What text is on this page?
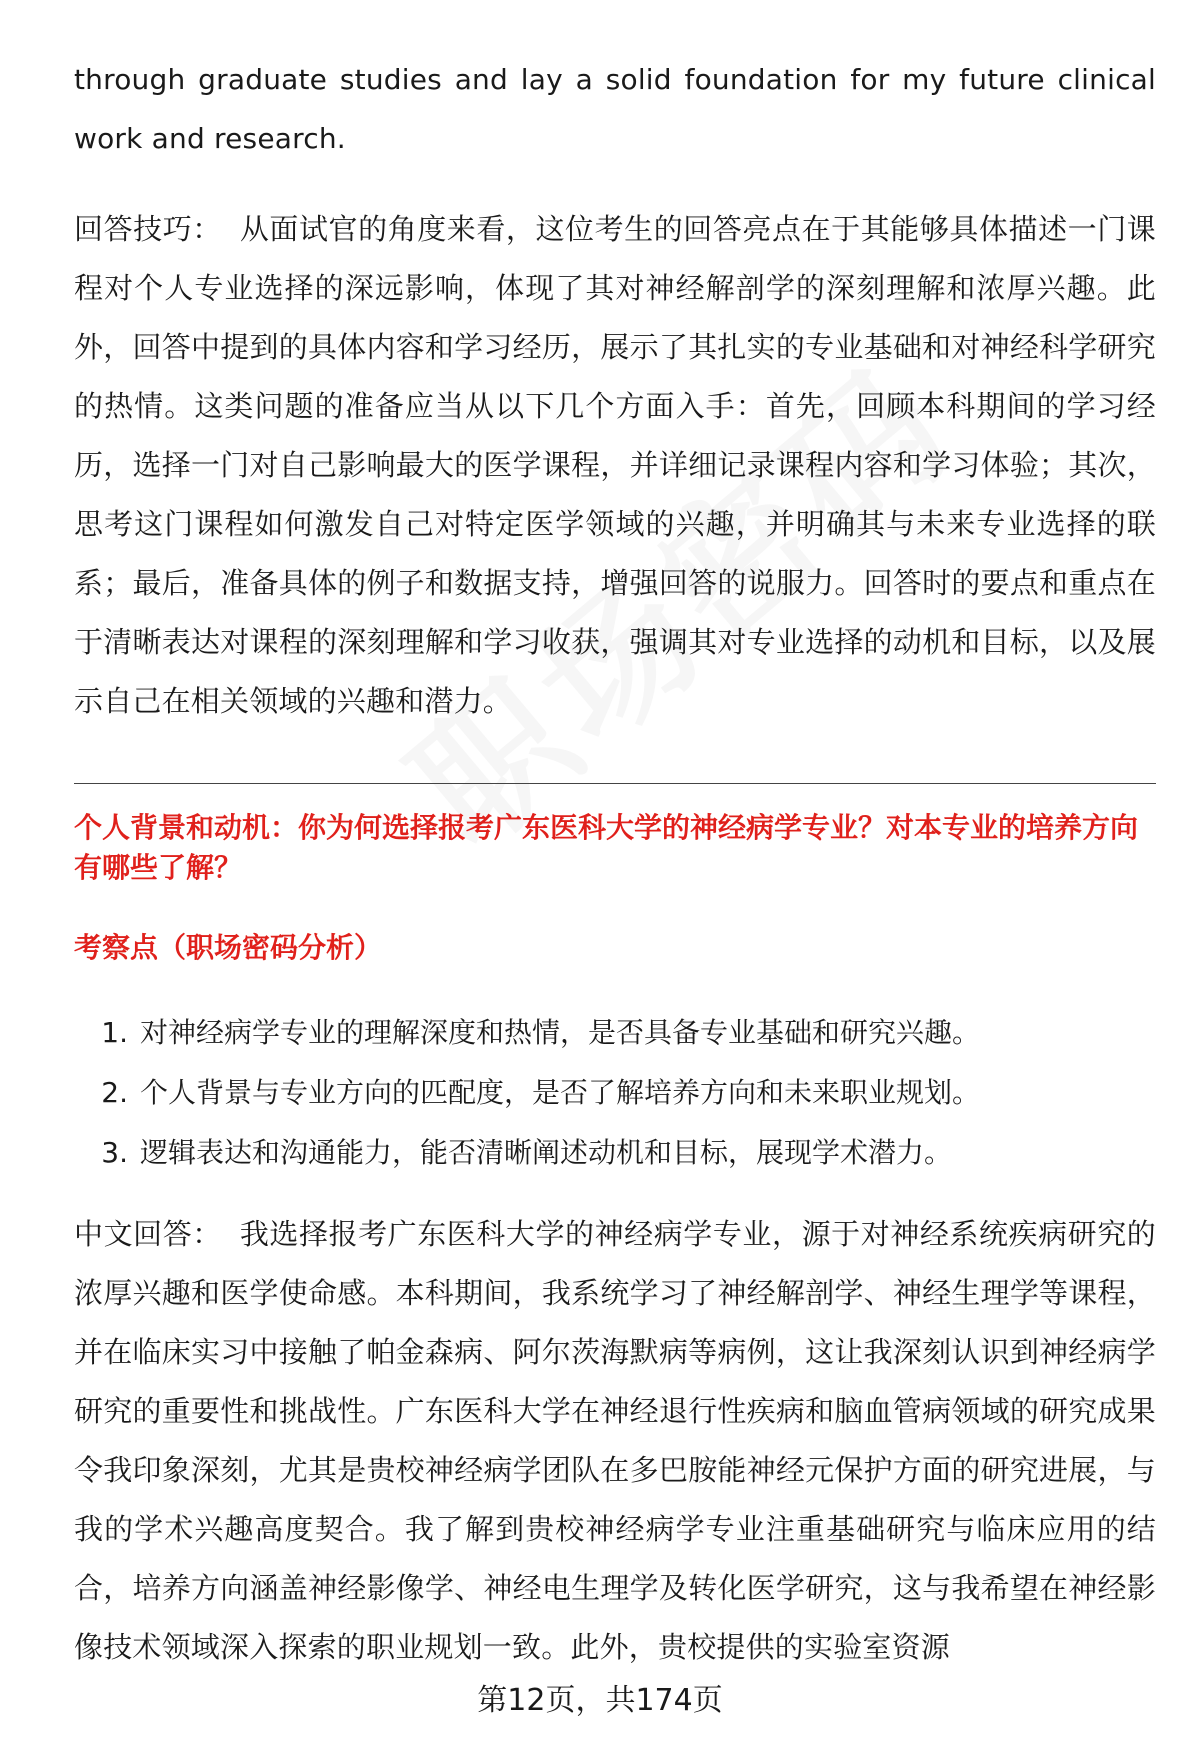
through graduate studies and lay a solid foundation for my future clinical work and research.

回答技巧： 从面试官的角度来看，这位考生的回答亮点在于其能够具体描述一门课程对个人专业选择的深远影响，体现了其对神经解剖学的深刻理解和浓厚兴趣。此外，回答中提到的具体内容和学习经历，展示了其扎实的专业基础和对神经科学研究的热情。这类问题的准备应当从以下几个方面入手：首先，回顾本科期间的学习经历，选择一门对自己影响最大的医学课程，并详细记录课程内容和学习体验；其次，思考这门课程如何激发自己对特定医学领域的兴趣，并明确其与未来专业选择的联系；最后，准备具体的例子和数据支持，增强回答的说服力。回答时的要点和重点在于清晰表达对课程的深刻理解和学习收获，强调其对专业选择的动机和目标，以及展示自己在相关领域的兴趣和潜力。

个人背景和动机：你为何选择报考广东医科大学的神经病学专业？对本专业的培养方向有哪些了解？

考察点（职场密码分析）

1. 对神经病学专业的理解深度和热情，是否具备专业基础和研究兴趣。
2. 个人背景与专业方向的匹配度，是否了解培养方向和未来职业规划。
3. 逻辑表达和沟通能力，能否清晰阐述动机和目标，展现学术潜力。

中文回答： 我选择报考广东医科大学的神经病学专业，源于对神经系统疾病研究的浓厚兴趣和医学使命感。本科期间，我系统学习了神经解剖学、神经生理学等课程，并在临床实习中接触了帕金森病、阿尔茨海默病等病例，这让我深刻认识到神经病学研究的重要性和挑战性。广东医科大学在神经退行性疾病和脑血管病领域的研究成果令我印象深刻，尤其是贵校神经病学团队在多巴胺能神经元保护方面的研究进展，与我的学术兴趣高度契合。我了解到贵校神经病学专业注重基础研究与临床应用的结合，培养方向涵盖神经影像学、神经电生理学及转化医学研究，这与我希望在神经影像技术领域深入探索的职业规划一致。此外，贵校提供的实验室资源

第12页，共174页
